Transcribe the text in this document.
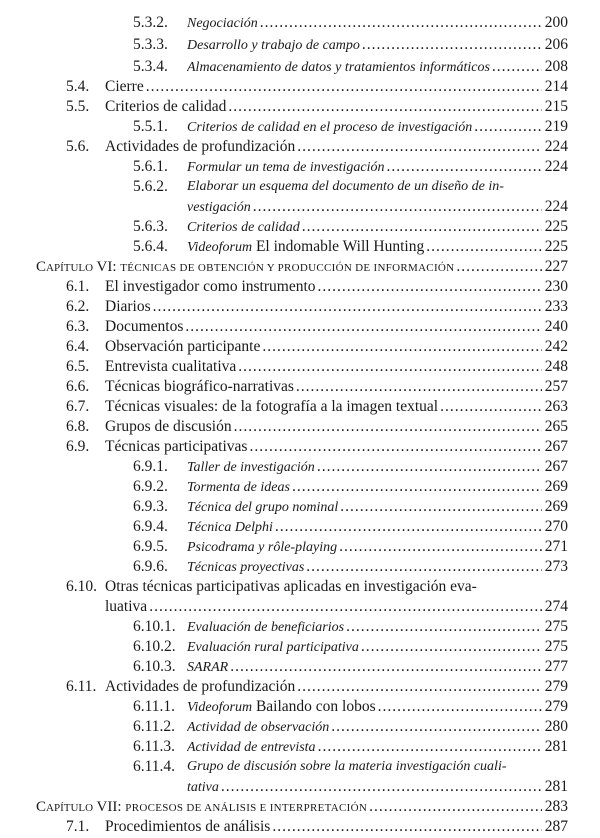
5.3.2. Negociación .....	200
5.3.3. Desarrollo y trabajo de campo .....	206
5.3.4. Almacenamiento de datos y tratamientos informáticos .....	208
5.4. Cierre .....	214
5.5. Criterios de calidad .....	215
5.5.1. Criterios de calidad en el proceso de investigación .....	219
5.6. Actividades de profundización .....	224
5.6.1. Formular un tema de investigación .....	224
5.6.2. Elaborar un esquema del documento de un diseño de in-
vestigación .....	224
5.6.3. Criterios de calidad .....	225
5.6.4. Videoforum El indomable Will Hunting .....	225
Capítulo VI: TÉCNICAS DE OBTENCIÓN Y PRODUCCIÓN DE INFORMACIÓN .....	227
6.1. El investigador como instrumento .....	230
6.2. Diarios .....	233
6.3. Documentos .....	240
6.4. Observación participante .....	242
6.5. Entrevista cualitativa .....	248
6.6. Técnicas biográfico-narrativas .....	257
6.7. Técnicas visuales: de la fotografía a la imagen textual .....	263
6.8. Grupos de discusión .....	265
6.9. Técnicas participativas .....	267
6.9.1. Taller de investigación .....	267
6.9.2. Tormenta de ideas .....	269
6.9.3. Técnica del grupo nominal .....	269
6.9.4. Técnica Delphi .....	270
6.9.5. Psicodrama y rôle-playing .....	271
6.9.6. Técnicas proyectivas .....	273
6.10. Otras técnicas participativas aplicadas en investigación eva-
luativa .....	274
6.10.1. Evaluación de beneficiarios .....	275
6.10.2. Evaluación rural participativa .....	275
6.10.3. SARAR .....	277
6.11. Actividades de profundización .....	279
6.11.1. Videoforum Bailando con lobos .....	279
6.11.2. Actividad de observación .....	280
6.11.3. Actividad de entrevista .....	281
6.11.4. Grupo de discusión sobre la materia investigación cuali-
tativa .....	281
Capítulo VII: PROCESOS DE ANÁLISIS E INTERPRETACIÓN .....	283
7.1. Procedimientos de análisis .....	287
